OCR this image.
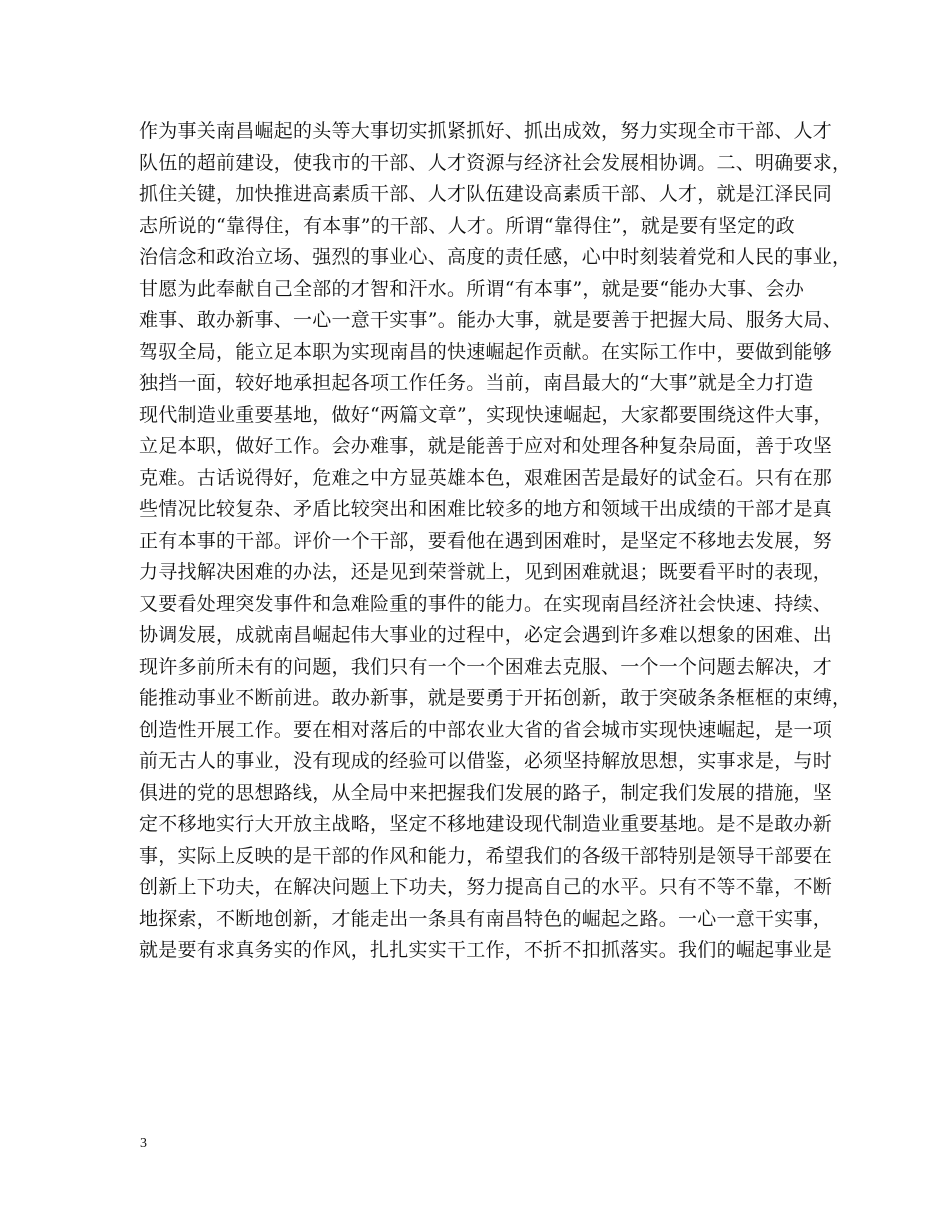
作为事关南昌崛起的头等大事切实抓紧抓好、抓出成效，努力实现全市干部、人才
队伍的超前建设，使我市的干部、人才资源与经济社会发展相协调。二、明确要求，
抓住关键，加快推进高素质干部、人才队伍建设高素质干部、人才，就是江泽民同
志所说的“靠得住，有本事”的干部、人才。所谓“靠得住”，就是要有坚定的政
治信念和政治立场、强烈的事业心、高度的责任感，心中时刻装着党和人民的事业，
甘愿为此奉献自己全部的才智和汗水。所谓“有本事”，就是要“能办大事、会办
难事、敢办新事、一心一意干实事”。能办大事，就是要善于把握大局、服务大局、
驾驭全局，能立足本职为实现南昌的快速崛起作贡献。在实际工作中，要做到能够
独挡一面，较好地承担起各项工作任务。当前，南昌最大的“大事”就是全力打造
现代制造业重要基地，做好“两篇文章”，实现快速崛起，大家都要围绕这件大事，
立足本职，做好工作。会办难事，就是能善于应对和处理各种复杂局面，善于攻坚
克难。古话说得好，危难之中方显英雄本色，艰难困苦是最好的试金石。只有在那
些情况比较复杂、矛盾比较突出和困难比较多的地方和领域干出成绩的干部才是真
正有本事的干部。评价一个干部，要看他在遇到困难时，是坚定不移地去发展，努
力寻找解决困难的办法，还是见到荣誉就上，见到困难就退；既要看平时的表现，
又要看处理突发事件和急难险重的事件的能力。在实现南昌经济社会快速、持续、
协调发展，成就南昌崛起伟大事业的过程中，必定会遇到许多难以想象的困难、出
现许多前所未有的问题，我们只有一个一个困难去克服、一个一个问题去解决，才
能推动事业不断前进。敢办新事，就是要勇于开拓创新，敢于突破条条框框的束缚，
创造性开展工作。要在相对落后的中部农业大省的省会城市实现快速崛起，是一项
前无古人的事业，没有现成的经验可以借鉴，必须坚持解放思想，实事求是，与时
俱进的党的思想路线，从全局中来把握我们发展的路子，制定我们发展的措施，坚
定不移地实行大开放主战略，坚定不移地建设现代制造业重要基地。是不是敢办新
事，实际上反映的是干部的作风和能力，希望我们的各级干部特别是领导干部要在
创新上下功夫，在解决问题上下功夫，努力提高自己的水平。只有不等不靠，不断
地探索，不断地创新，才能走出一条具有南昌特色的崛起之路。一心一意干实事，
就是要有求真务实的作风，扎扎实实干工作，不折不扣抓落实。我们的崛起事业是
3
